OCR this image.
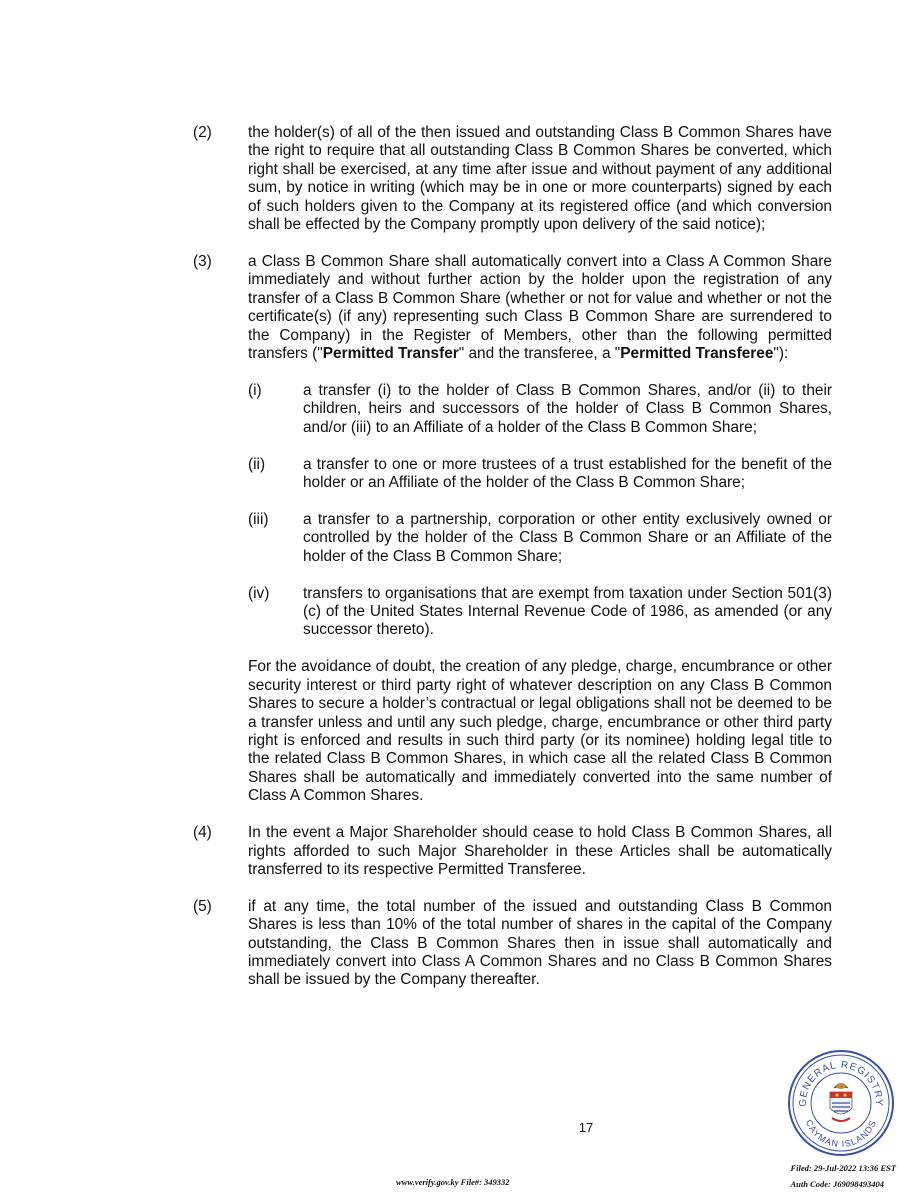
(2)	the holder(s) of all of the then issued and outstanding Class B Common Shares have the right to require that all outstanding Class B Common Shares be converted, which right shall be exercised, at any time after issue and without payment of any additional sum, by notice in writing (which may be in one or more counterparts) signed by each of such holders given to the Company at its registered office (and which conversion shall be effected by the Company promptly upon delivery of the said notice);
(3)	a Class B Common Share shall automatically convert into a Class A Common Share immediately and without further action by the holder upon the registration of any transfer of a Class B Common Share (whether or not for value and whether or not the certificate(s) (if any) representing such Class B Common Share are surrendered to the Company) in the Register of Members, other than the following permitted transfers ("Permitted Transfer" and the transferee, a "Permitted Transferee"):
(i)	a transfer (i) to the holder of Class B Common Shares, and/or (ii) to their children, heirs and successors of the holder of Class B Common Shares, and/or (iii) to an Affiliate of a holder of the Class B Common Share;
(ii)	a transfer to one or more trustees of a trust established for the benefit of the holder or an Affiliate of the holder of the Class B Common Share;
(iii)	a transfer to a partnership, corporation or other entity exclusively owned or controlled by the holder of the Class B Common Share or an Affiliate of the holder of the Class B Common Share;
(iv)	transfers to organisations that are exempt from taxation under Section 501(3)(c) of the United States Internal Revenue Code of 1986, as amended (or any successor thereto).
For the avoidance of doubt, the creation of any pledge, charge, encumbrance or other security interest or third party right of whatever description on any Class B Common Shares to secure a holder’s contractual or legal obligations shall not be deemed to be a transfer unless and until any such pledge, charge, encumbrance or other third party right is enforced and results in such third party (or its nominee) holding legal title to the related Class B Common Shares, in which case all the related Class B Common Shares shall be automatically and immediately converted into the same number of Class A Common Shares.
(4)	In the event a Major Shareholder should cease to hold Class B Common Shares, all rights afforded to such Major Shareholder in these Articles shall be automatically transferred to its respective Permitted Transferee.
(5)	if at any time, the total number of the issued and outstanding Class B Common Shares is less than 10% of the total number of shares in the capital of the Company outstanding, the Class B Common Shares then in issue shall automatically and immediately convert into Class A Common Shares and no Class B Common Shares shall be issued by the Company thereafter.
GENERAL REGISTRY
CAYMAN ISLANDS
17
www.verify.gov.ky File#: 349332
Filed: 29-Jul-2022 13:36 EST
Auth Code: J69098493404
